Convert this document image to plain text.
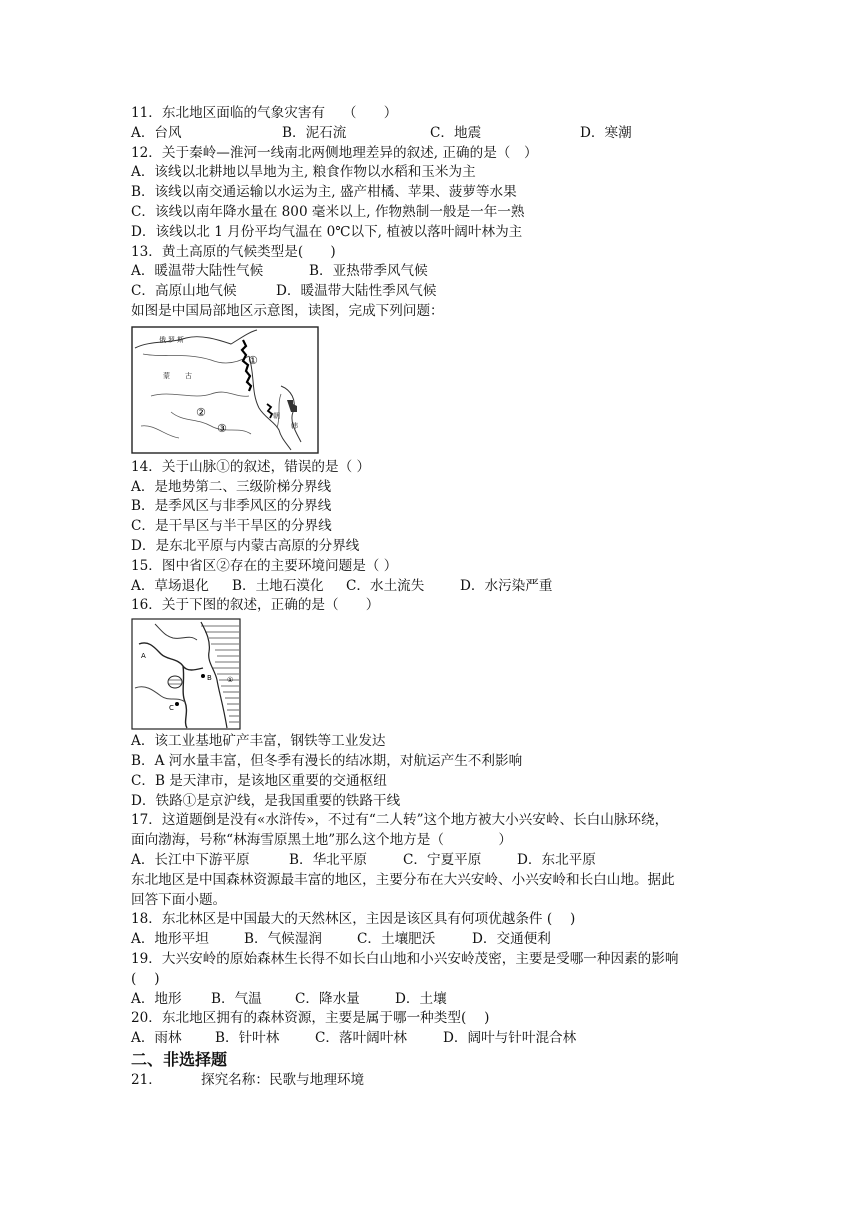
11．东北地区面临的气象灾害有　 （　　）
A．台风	B．泥石流	C．地震	D．寒潮
12．关于秦岭—淮河一线南北两侧地理差异的叙述, 正确的是（　）
A．该线以北耕地以旱地为主, 粮食作物以水稻和玉米为主
B．该线以南交通运输以水运为主, 盛产柑橘、苹果、菠萝等水果
C．该线以南年降水量在 800 毫米以上, 作物熟制一般是一年一熟
D．该线以北 1 月份平均气温在 0℃以下, 植被以落叶阔叶林为主
13．黄土高原的气候类型是(　　)
A．暖温带大陆性气候	B．亚热带季风气候
C．高原山地气候	D．暖温带大陆性季风气候
如图是中国局部地区示意图，读图，完成下列问题：
俄 罗 斯
蒙 古
朝
韩
①
②
③
14．关于山脉①的叙述，错误的是（ ）
A．是地势第二、三级阶梯分界线
B．是季风区与非季风区的分界线
C．是干旱区与半干旱区的分界线
D．是东北平原与内蒙古高原的分界线
15．图中省区②存在的主要环境问题是（ ）
A．草场退化	B．土地石漠化	C．水土流失	D．水污染严重
16．关于下图的叙述，正确的是（　　）
A
B
C
①
A．该工业基地矿产丰富，钢铁等工业发达
B．A 河水量丰富，但冬季有漫长的结冰期，对航运产生不利影响
C．B 是天津市，是该地区重要的交通枢纽
D．铁路①是京沪线，是我国重要的铁路干线
17．这道题倒是没有«水浒传»，不过有“二人转”这个地方被大小兴安岭、长白山脉环绕，
面向渤海，号称“林海雪原黑土地”那么这个地方是（　　　　）
A．长江中下游平原	B．华北平原	C．宁夏平原	D．东北平原
东北地区是中国森林资源最丰富的地区，主要分布在大兴安岭、小兴安岭和长白山地。据此
回答下面小题。
18．东北林区是中国最大的天然林区，主因是该区具有何项优越条件 (　 )
A．地形平坦	B．气候湿润	C．土壤肥沃	D．交通便利
19．大兴安岭的原始森林生长得不如长白山地和小兴安岭茂密，主要是受哪一种因素的影响
(　 )
A．地形	B．气温	C．降水量	D．土壤
20．东北地区拥有的森林资源，主要是属于哪一种类型(　 )
A．雨林	B．针叶林	C．落叶阔叶林	D．阔叶与针叶混合林
二、非选择题
21．	探究名称：民歌与地理环境
